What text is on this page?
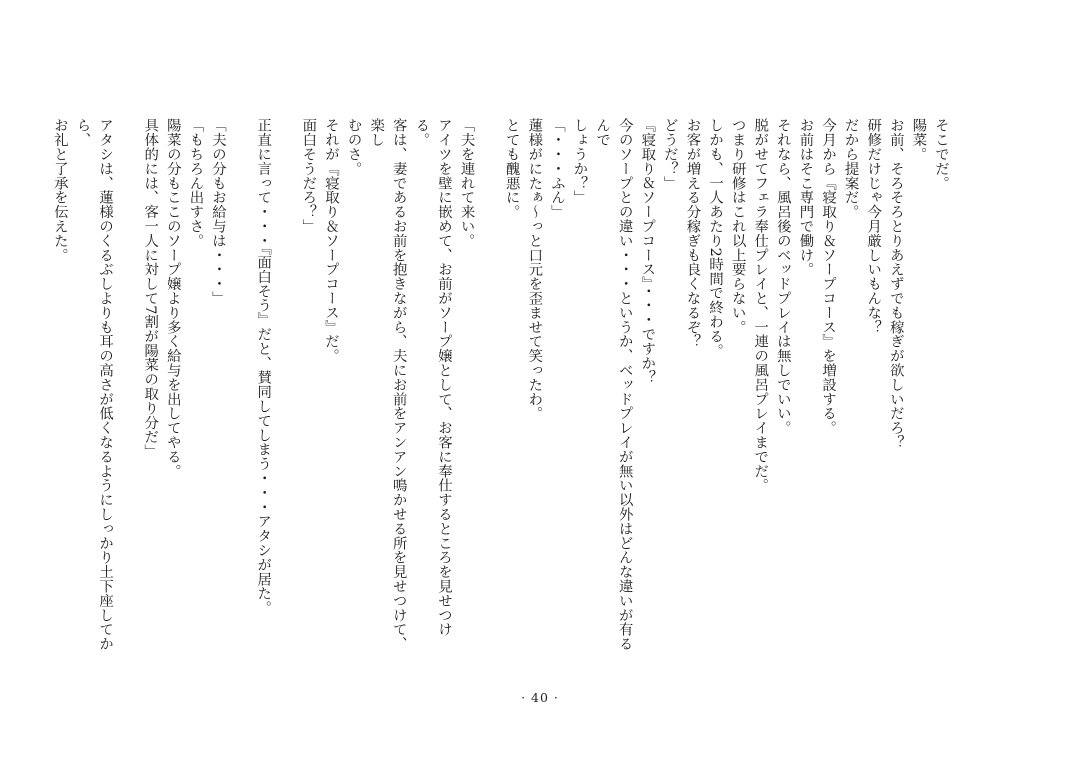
そこでだ。
陽菜。
お前、そろそろとりあえずでも稼ぎが欲しいだろ？
研修だけじゃ今月厳しいもんな？
だから提案だ。
今月から『寝取り＆ソープコース』を増設する。
お前はそこ専門で働け。
それなら、風呂後のベッドプレイは無しでいい。
脱がせてフェラ奉仕プレイと、一連の風呂プレイまでだ。
つまり研修はこれ以上要らない。
しかも、一人あたり2時間で終わる。
お客が増える分稼ぎも良くなるぞ？
どうだ？」
『寝取り＆ソープコース』・・・ですか？
今のソープとの違い・・・というか、ベッドプレイが無い以外はどんな違いが有るんで
しょうか？」
「・・・ふん」
蓮様がにたぁ～っと口元を歪ませて笑ったわ。
とても醜悪に。
「夫を連れて来い。
アイツを壁に嵌めて、お前がソープ嬢として、お客に奉仕するところを見せつける。
客は、妻であるお前を抱きながら、夫にお前をアンアン鳴かせる所を見せつけて、楽し
むのさ。
それが『寝取り＆ソープコース』だ。
面白そうだろ？」
正直に言って・・・『面白そう』だと、賛同してしまう・・・アタシが居た。
「夫の分もお給与は・・・」
「もちろん出すさ。
陽菜の分もここのソープ嬢より多く給与を出してやる。
具体的には、客一人に対して7割が陽菜の取り分だ」
アタシは、蓮様のくるぶしよりも耳の高さが低くなるようにしっかり土下座してから、
お礼と了承を伝えた。
· 40 ·
